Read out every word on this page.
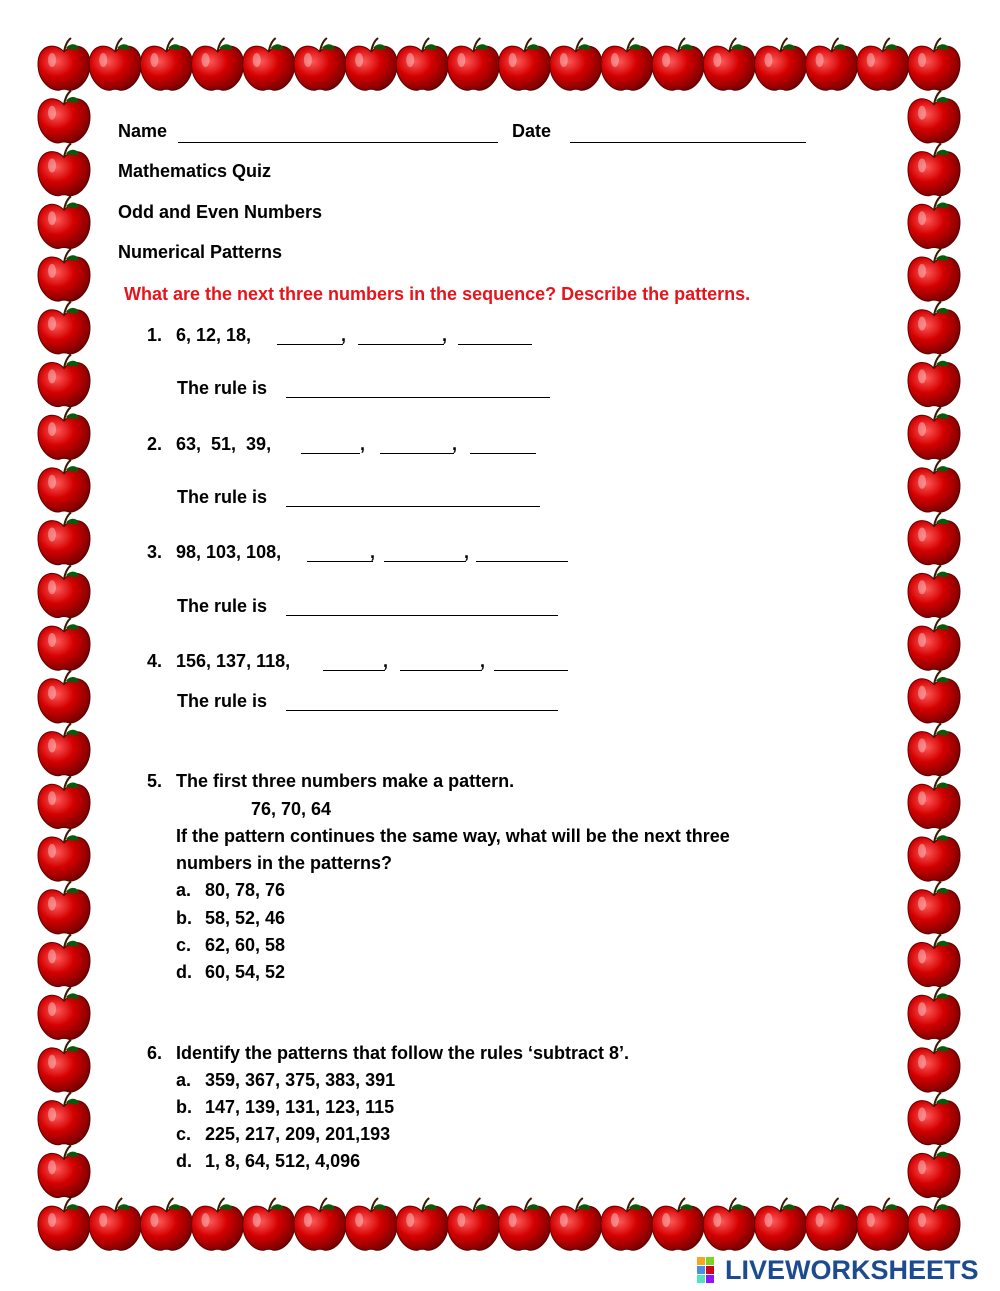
Name	Date
Mathematics Quiz
Odd and Even Numbers
Numerical Patterns
What are the next three numbers in the sequence? Describe the patterns.
1. 6, 12, 18,	,	,
The rule is
2. 63,  51,  39,	,	,
The rule is
3. 98, 103, 108,	,	,
The rule is
4. 156, 137, 118,	,	,
The rule is
5. The first three numbers make a pattern.
76, 70, 64
If the pattern continues the same way, what will be the next three
numbers in the patterns?
a. 80, 78, 76
b. 58, 52, 46
c. 62, 60, 58
d. 60, 54, 52
6. Identify the patterns that follow the rules ‘subtract 8’.
a. 359, 367, 375, 383, 391
b. 147, 139, 131, 123, 115
c. 225, 217, 209, 201,193
d. 1, 8, 64, 512, 4,096
LIVEWORKSHEETS
